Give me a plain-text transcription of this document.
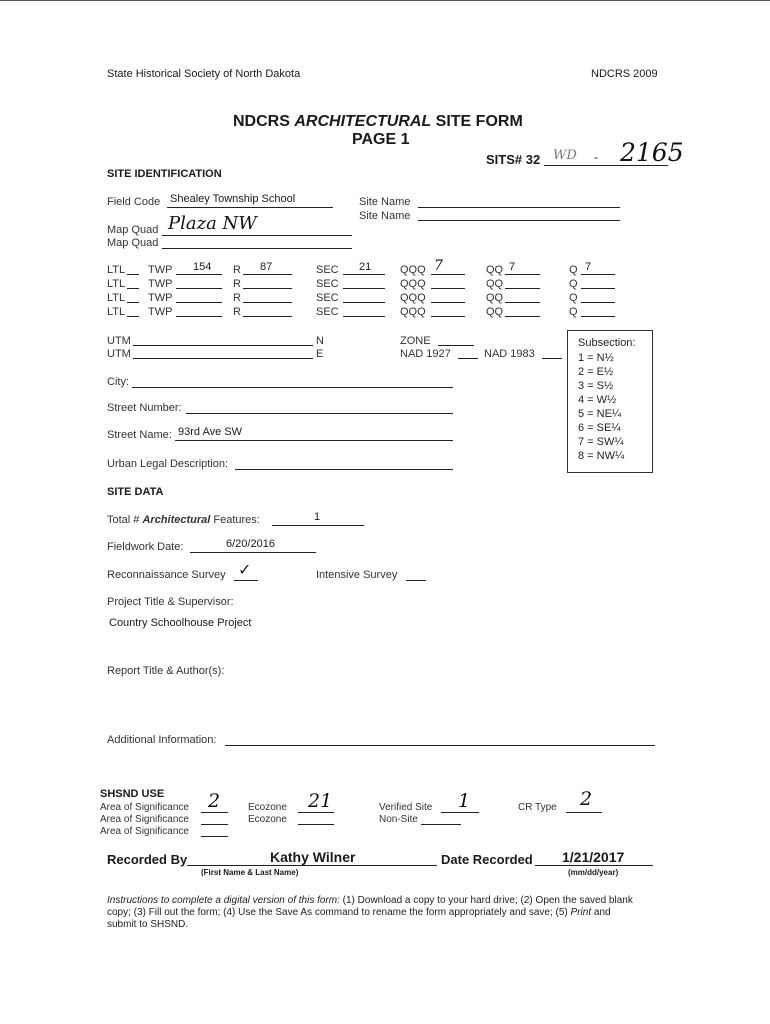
State Historical Society of North Dakota	NDCRS 2009
NDCRS ARCHITECTURAL SITE FORM
PAGE 1
SITS# 32 WD - 2165
SITE IDENTIFICATION
Field Code Shealey Township School	Site Name
Site Name
Map Quad Plaza NW
Map Quad
LTL TWP 154 R 87	SEC 21	QQQ 7	QQ 7	Q 7
LTL TWP	R	SEC	QQQ	QQ	Q
LTL TWP	R	SEC	QQQ	QQ	Q
LTL TWP	R	SEC	QQQ	QQ	Q
UTM	N
UTM	E
ZONE
NAD 1927	NAD 1983
Subsection:
1 = N½
2 = E½
3 = S½
4 = W½
5 = NE¼
6 = SE¼
7 = SW¼
8 = NW¼
City:
Street Number:
Street Name: 93rd Ave SW
Urban Legal Description:
SITE DATA
Total # Architectural Features:	1
Fieldwork Date:	6/20/2016
Reconnaissance Survey ✓	Intensive Survey
Project Title & Supervisor:
Country Schoolhouse Project
Report Title & Author(s):
Additional Information:
SHSND USE
Area of Significance 2
Area of Significance
Area of Significance
Ecozone 21
Ecozone
Verified Site 1
Non-Site
CR Type 2
Recorded By	Kathy Wilner
(First Name & Last Name)
Date Recorded 1/21/2017
(mm/dd/year)
Instructions to complete a digital version of this form: (1) Download a copy to your hard drive; (2) Open the saved blank copy; (3) Fill out the form; (4) Use the Save As command to rename the form appropriately and save; (5) Print and submit to SHSND.
